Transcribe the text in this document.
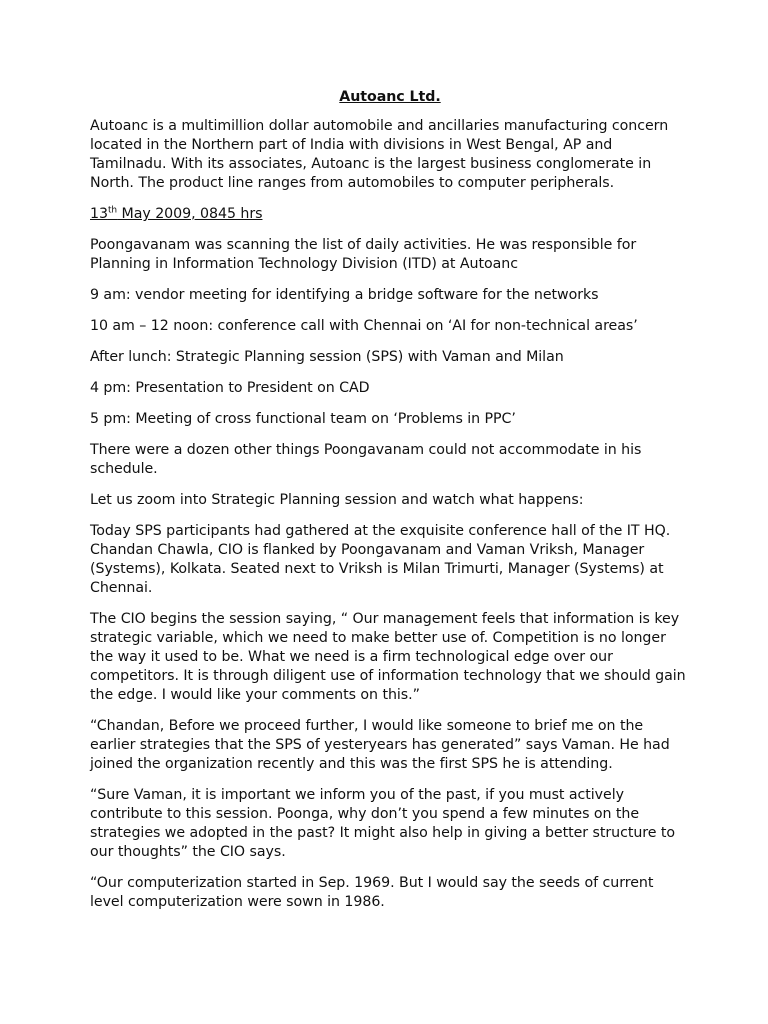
Autoanc Ltd.

Autoanc is a multimillion dollar automobile and ancillaries manufacturing concern located in the Northern part of India with divisions in West Bengal, AP and Tamilnadu. With its associates, Autoanc is the largest business conglomerate in North. The product line ranges from automobiles to computer peripherals.

13th May 2009, 0845 hrs

Poongavanam was scanning the list of daily activities. He was responsible for Planning in Information Technology Division (ITD) at Autoanc

9 am: vendor meeting for identifying a bridge software for the networks

10 am – 12 noon: conference call with Chennai on ‘AI for non-technical areas’

After lunch: Strategic Planning session (SPS) with Vaman and Milan

4 pm: Presentation to President on CAD

5 pm: Meeting of cross functional team on ‘Problems in PPC’

There were a dozen other things Poongavanam could not accommodate in his schedule.

Let us zoom into Strategic Planning session and watch what happens:

Today SPS participants had gathered at the exquisite conference hall of the IT HQ. Chandan Chawla, CIO is flanked by Poongavanam and Vaman Vriksh, Manager (Systems), Kolkata. Seated next to Vriksh is Milan Trimurti, Manager (Systems) at Chennai.

The CIO begins the session saying, “ Our management feels that information is key strategic variable, which we need to make better use of. Competition is no longer the way it used to be. What we need is a firm technological edge over our competitors. It is through diligent use of information technology that we should gain the edge. I would like your comments on this.”

“Chandan, Before we proceed further, I would like someone to brief me on the earlier strategies that the SPS of yesteryears has generated” says Vaman. He had joined the organization recently and this was the first SPS he is attending.

“Sure Vaman, it is important we inform you of the past, if you must actively contribute to this session. Poonga, why don’t you spend a few minutes on the strategies we adopted in the past? It might also help in giving a better structure to our thoughts” the CIO says.

“Our computerization started in Sep. 1969. But I would say the seeds of current level computerization were sown in 1986.
